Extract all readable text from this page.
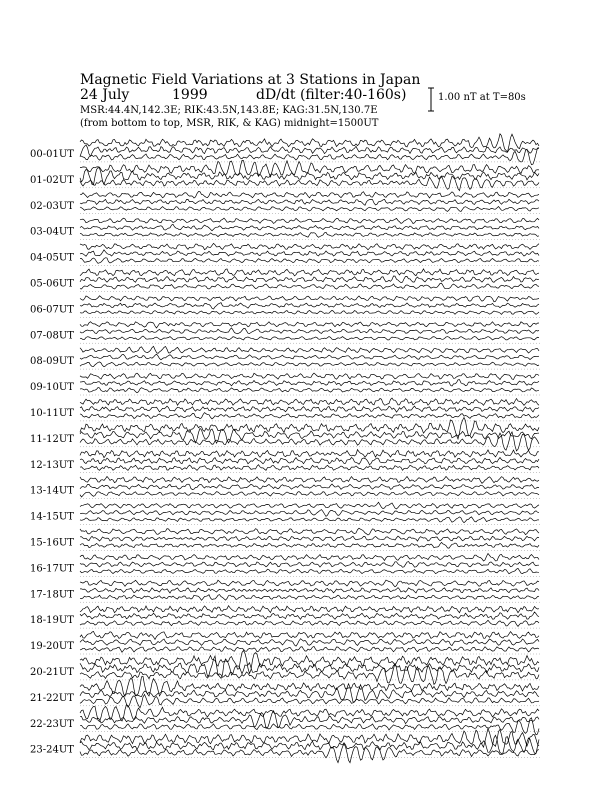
Magnetic Field Variations at 3 Stations in Japan
24 July	1999	dD/dt (filter:40-160s)
MSR:44.4N,142.3E; RIK:43.5N,143.8E; KAG:31.5N,130.7E
(from bottom to top, MSR, RIK, & KAG) midnight=1500UT
1.00 nT at T=80s
00-01UT
01-02UT
02-03UT
03-04UT
04-05UT
05-06UT
06-07UT
07-08UT
08-09UT
09-10UT
10-11UT
11-12UT
12-13UT
13-14UT
14-15UT
15-16UT
16-17UT
17-18UT
18-19UT
19-20UT
20-21UT
21-22UT
22-23UT
23-24UT
